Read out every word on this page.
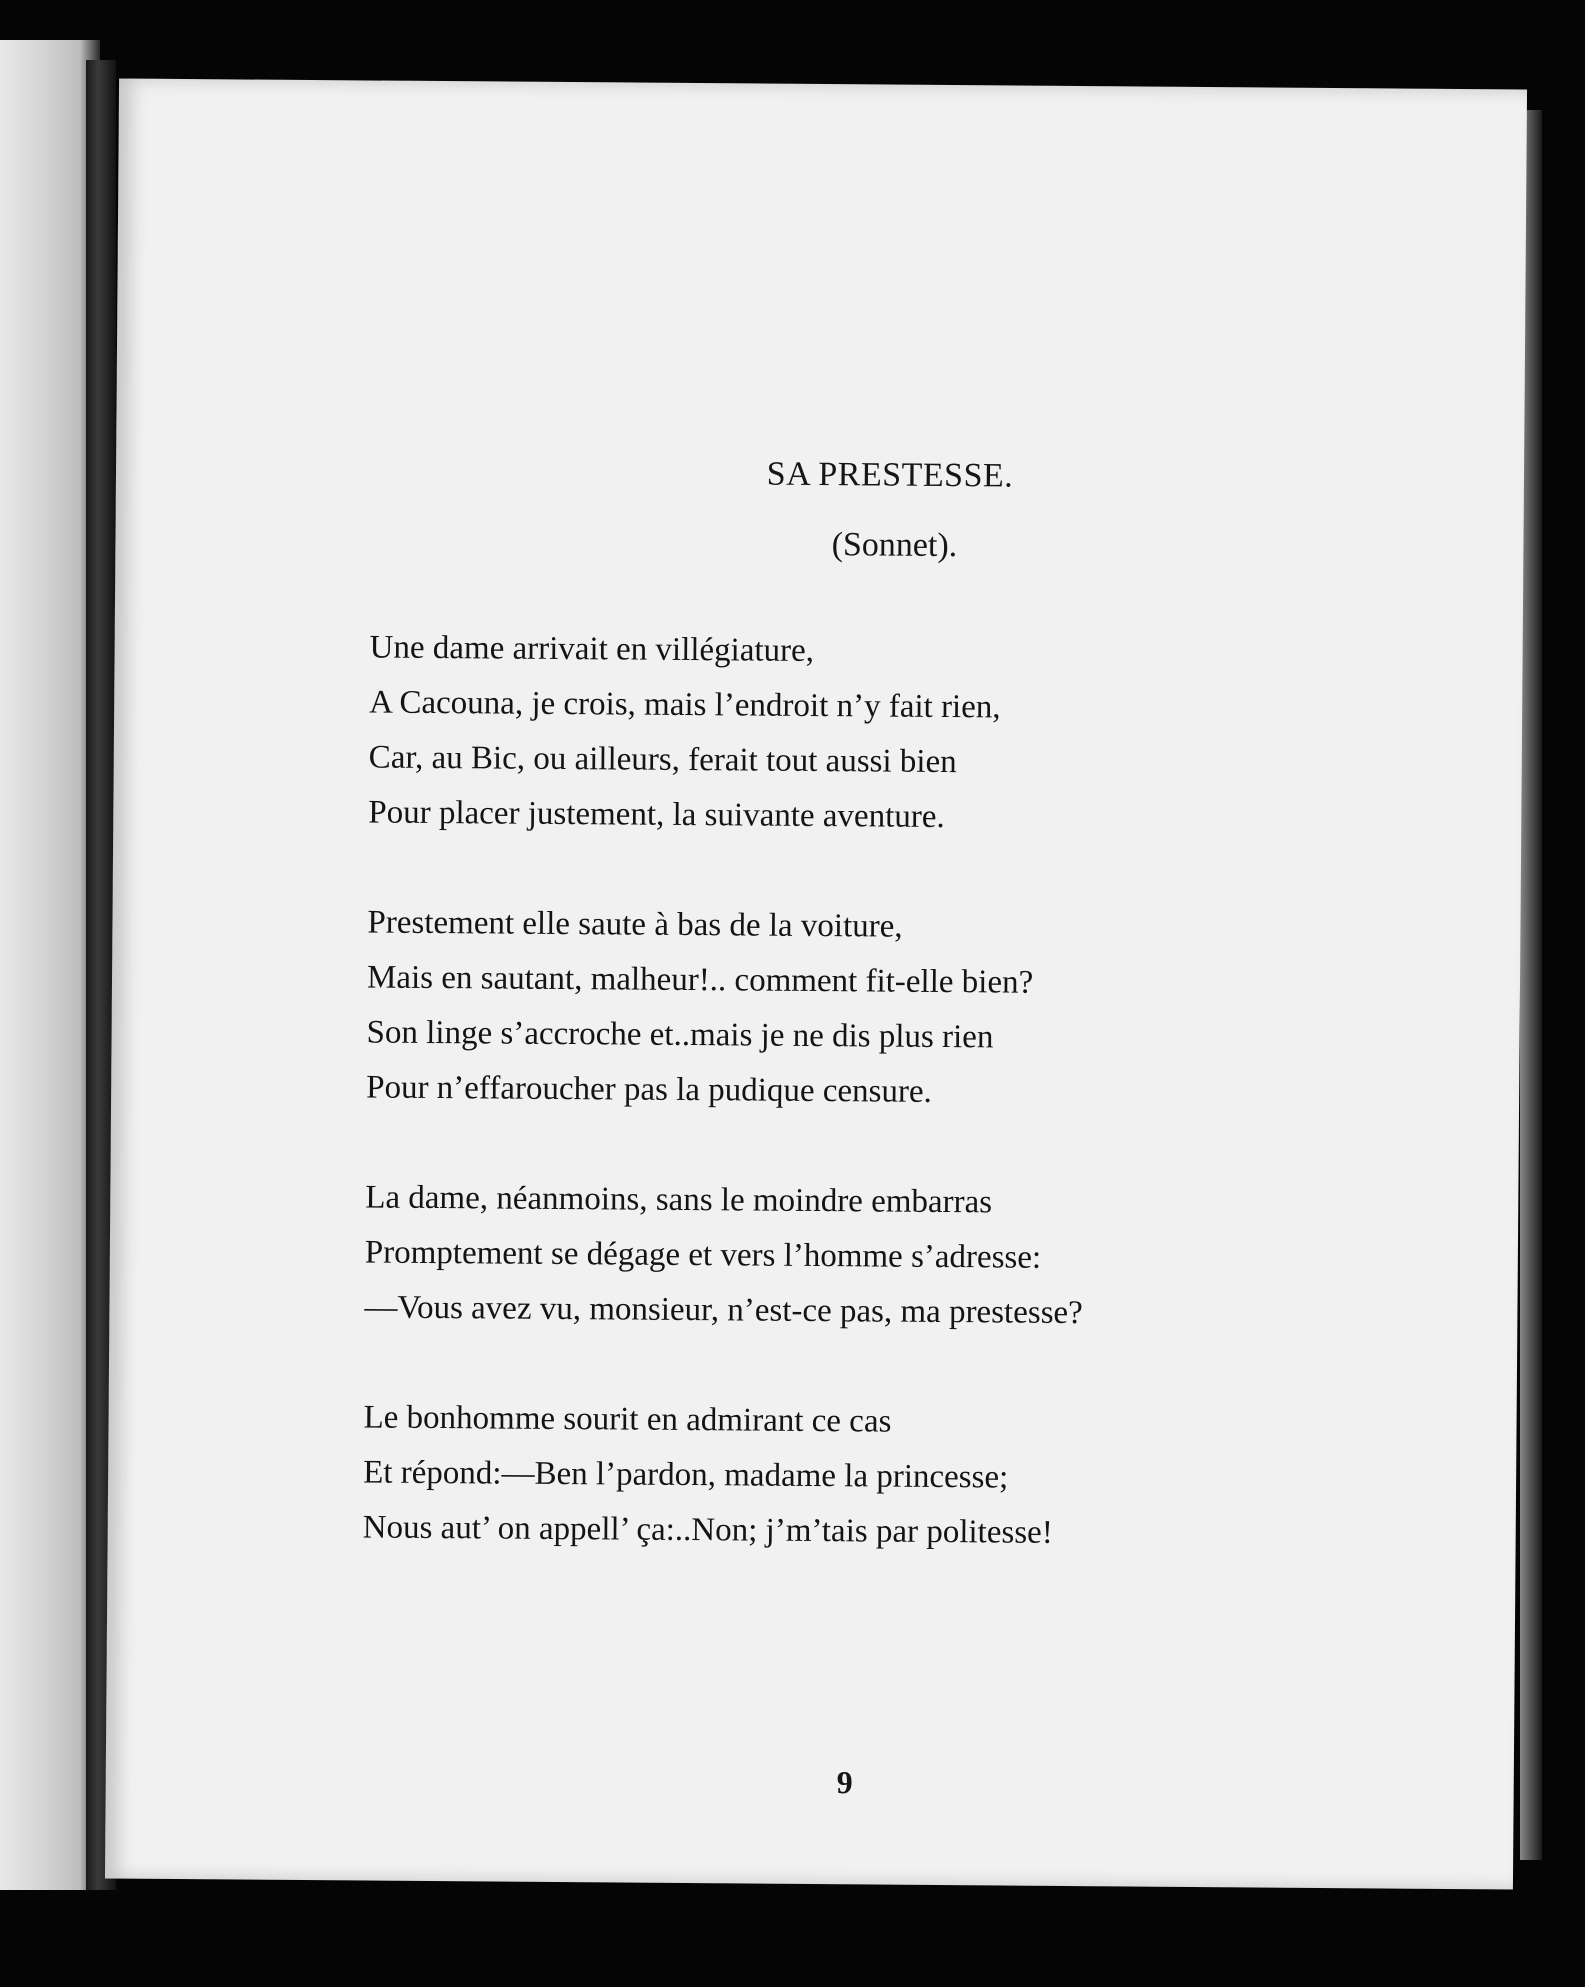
SA PRESTESSE.
(Sonnet).
Une dame arrivait en villégiature,
A Cacouna, je crois, mais l’endroit n’y fait rien,
Car, au Bic, ou ailleurs, ferait tout aussi bien
Pour placer justement, la suivante aventure.
Prestement elle saute à bas de la voiture,
Mais en sautant, malheur!.. comment fit-elle bien?
Son linge s’accroche et..mais je ne dis plus rien
Pour n’effaroucher pas la pudique censure.
La dame, néanmoins, sans le moindre embarras
Promptement se dégage et vers l’homme s’adresse:
—Vous avez vu, monsieur, n’est-ce pas, ma prestesse?
Le bonhomme sourit en admirant ce cas
Et répond:—Ben l’pardon, madame la princesse;
Nous aut’ on appell’ ça:..Non; j’m’tais par politesse!
9
